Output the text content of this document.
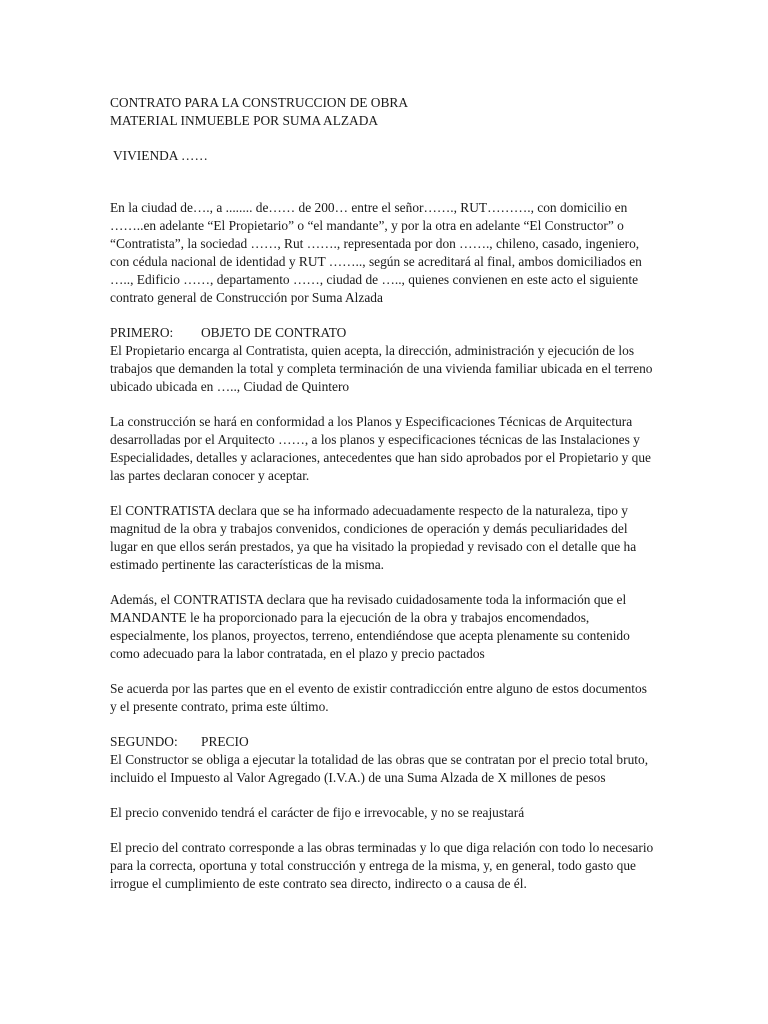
CONTRATO PARA LA CONSTRUCCION DE OBRA
MATERIAL INMUEBLE POR SUMA ALZADA
VIVIENDA ……

En la ciudad de…., a ........ de…… de 200… entre el señor……., RUT………., con domicilio en ……..en adelante “El Propietario” o “el mandante”, y por la otra en adelante “El Constructor” o “Contratista”, la sociedad ……, Rut ……., representada por don ……., chileno, casado, ingeniero, con cédula nacional de identidad y RUT …….., según se acreditará al final, ambos domiciliados en ….., Edificio ……, departamento ……, ciudad de ….., quienes convienen en este acto el siguiente contrato general de Construcción por Suma Alzada

PRIMERO: OBJETO DE CONTRATO

El Propietario encarga al Contratista, quien acepta, la dirección, administración y ejecución de los trabajos que demanden la total y completa terminación de una vivienda familiar ubicada en el terreno ubicado ubicada en ….., Ciudad de Quintero

La construcción se hará en conformidad a los Planos y Especificaciones Técnicas de Arquitectura desarrolladas por el Arquitecto ……, a los planos y especificaciones técnicas de las Instalaciones y Especialidades, detalles y aclaraciones, antecedentes que han sido aprobados por el Propietario y que las partes declaran conocer y aceptar.

El CONTRATISTA declara que se ha informado adecuadamente respecto de la naturaleza, tipo y magnitud de la obra y trabajos convenidos, condiciones de operación y demás peculiaridades del lugar en que ellos serán prestados, ya que ha visitado la propiedad y revisado con el detalle que ha estimado pertinente las características de la misma.

Además, el CONTRATISTA declara que ha revisado cuidadosamente toda la información que el MANDANTE le ha proporcionado para la ejecución de la obra y trabajos encomendados, especialmente, los planos, proyectos, terreno, entendiéndose que acepta plenamente su contenido como adecuado para la labor contratada, en el plazo y precio pactados

Se acuerda por las partes que en el evento de existir contradicción entre alguno de estos documentos y el presente contrato, prima este último.

SEGUNDO: PRECIO

El Constructor se obliga a ejecutar la totalidad de las obras que se contratan por el precio total bruto, incluido el Impuesto al Valor Agregado (I.V.A.) de una Suma Alzada de X millones de pesos

El precio convenido tendrá el carácter de fijo e irrevocable, y no se reajustará

El precio del contrato corresponde a las obras terminadas y lo que diga relación con todo lo necesario para la correcta, oportuna y total construcción y entrega de la misma, y, en general, todo gasto que irrogue el cumplimiento de este contrato sea directo, indirecto o a causa de él.
